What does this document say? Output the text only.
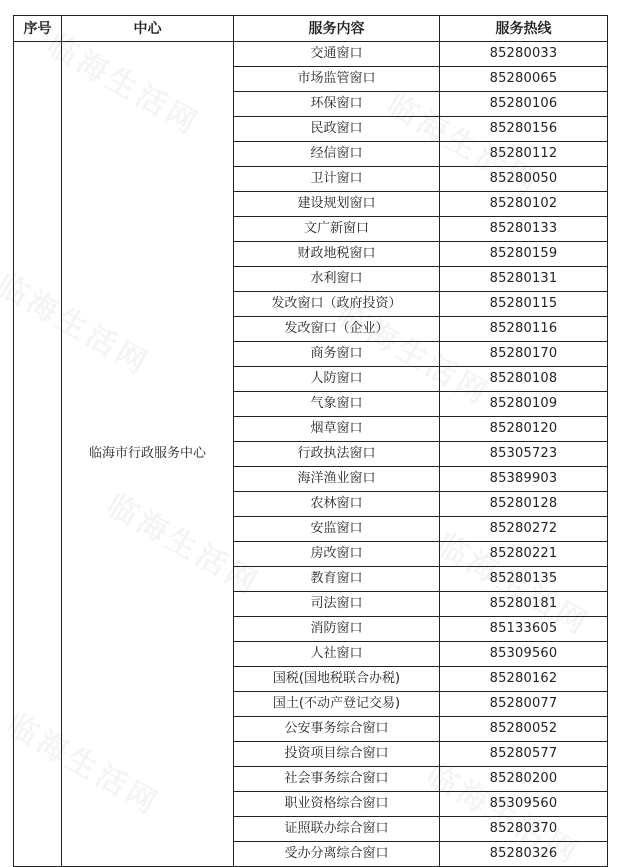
序号	中心	服务内容	服务热线
	临海市行政服务中心	交通窗口	85280033
		市场监管窗口	85280065
		环保窗口	85280106
		民政窗口	85280156
		经信窗口	85280112
		卫计窗口	85280050
		建设规划窗口	85280102
		文广新窗口	85280133
		财政地税窗口	85280159
		水利窗口	85280131
		发改窗口（政府投资）	85280115
		发改窗口（企业）	85280116
		商务窗口	85280170
		人防窗口	85280108
		气象窗口	85280109
		烟草窗口	85280120
		行政执法窗口	85305723
		海洋渔业窗口	85389903
		农林窗口	85280128
		安监窗口	85280272
		房改窗口	85280221
		教育窗口	85280135
		司法窗口	85280181
		消防窗口	85133605
		人社窗口	85309560
		国税(国地税联合办税)	85280162
		国土(不动产登记交易)	85280077
		公安事务综合窗口	85280052
		投资项目综合窗口	85280577
		社会事务综合窗口	85280200
		职业资格综合窗口	85309560
		证照联办综合窗口	85280370
		受办分离综合窗口	85280326
